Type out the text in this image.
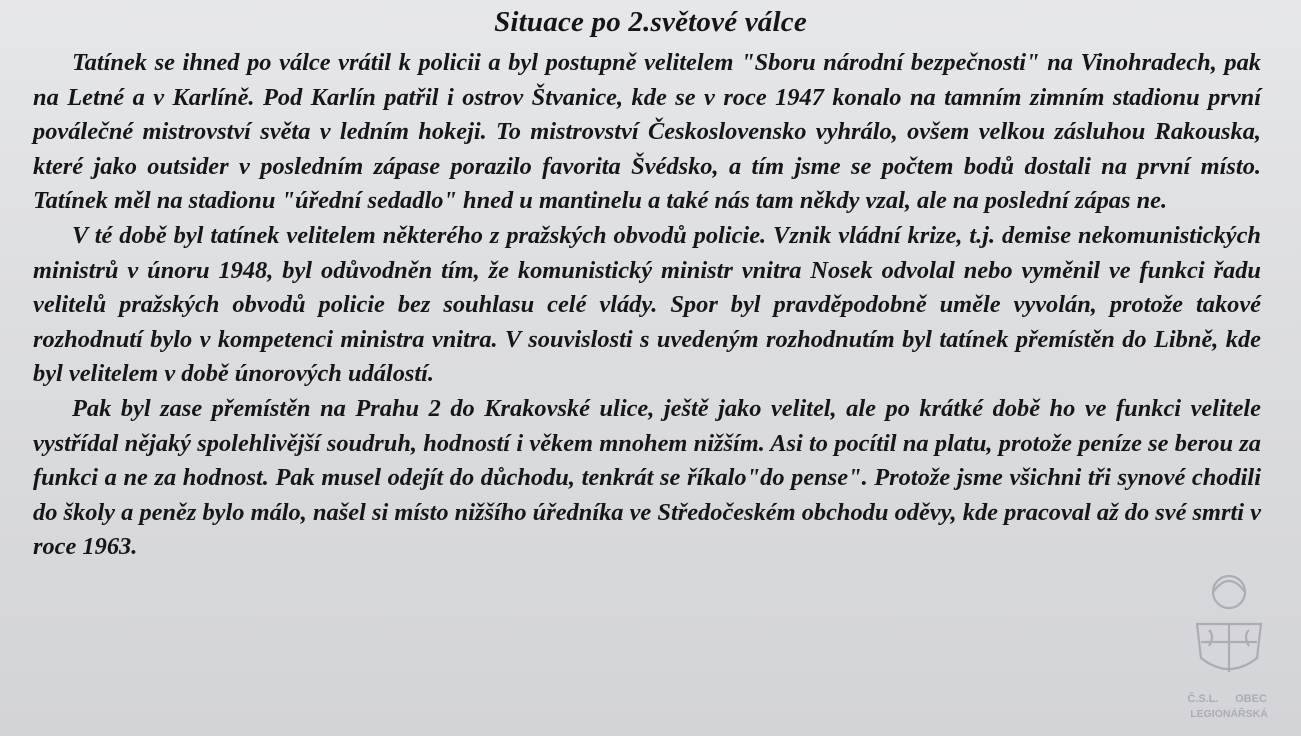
Situace po 2.světové válce

Tatínek se ihned po válce vrátil k policii a byl postupně velitelem "Sboru národní bezpečnosti" na Vinohradech, pak na Letné a v Karlíně. Pod Karlín patřil i ostrov Štvanice, kde se v roce 1947 konalo na tamním zimním stadionu první poválečné mistrovství světa v ledním hokeji. To mistrovství Československo vyhrálo, ovšem velkou zásluhou Rakouska, které jako outsider v posledním zápase porazilo favorita Švédsko, a tím jsme se počtem bodů dostali na první místo. Tatínek měl na stadionu "úřední sedadlo" hned u mantinelu a také nás tam někdy vzal, ale na poslední zápas ne.

V té době byl tatínek velitelem některého z pražských obvodů policie. Vznik vládní krize, t.j. demise nekomunistických ministrů v únoru 1948, byl odůvodněn tím, že komunistický ministr vnitra Nosek odvolal nebo vyměnil ve funkci řadu velitelů pražských obvodů policie bez souhlasu celé vlády. Spor byl pravděpodobně uměle vyvolán, protože takové rozhodnutí bylo v kompetenci ministra vnitra. V souvislosti s uvedeným rozhodnutím byl tatínek přemístěn do Libně, kde byl velitelem v době únorových událostí.

Pak byl zase přemístěn na Prahu 2 do Krakovské ulice, ještě jako velitel, ale po krátké době ho ve funkci velitele vystřídal nějaký spolehlivější soudruh, hodností i věkem mnohem nižším. Asi to pocítil na platu, protože peníze se berou za funkci a ne za hodnost. Pak musel odejít do důchodu, tenkrát se říkalo"do pense". Protože jsme všichni tři synové chodili do školy a peněz bylo málo, našel si místo nižšího úředníka ve Středočeském obchodu oděvy, kde pracoval až do své smrti v roce 1963.

Č.S.L. OBEC
LEGIONÁŘSKÁ
